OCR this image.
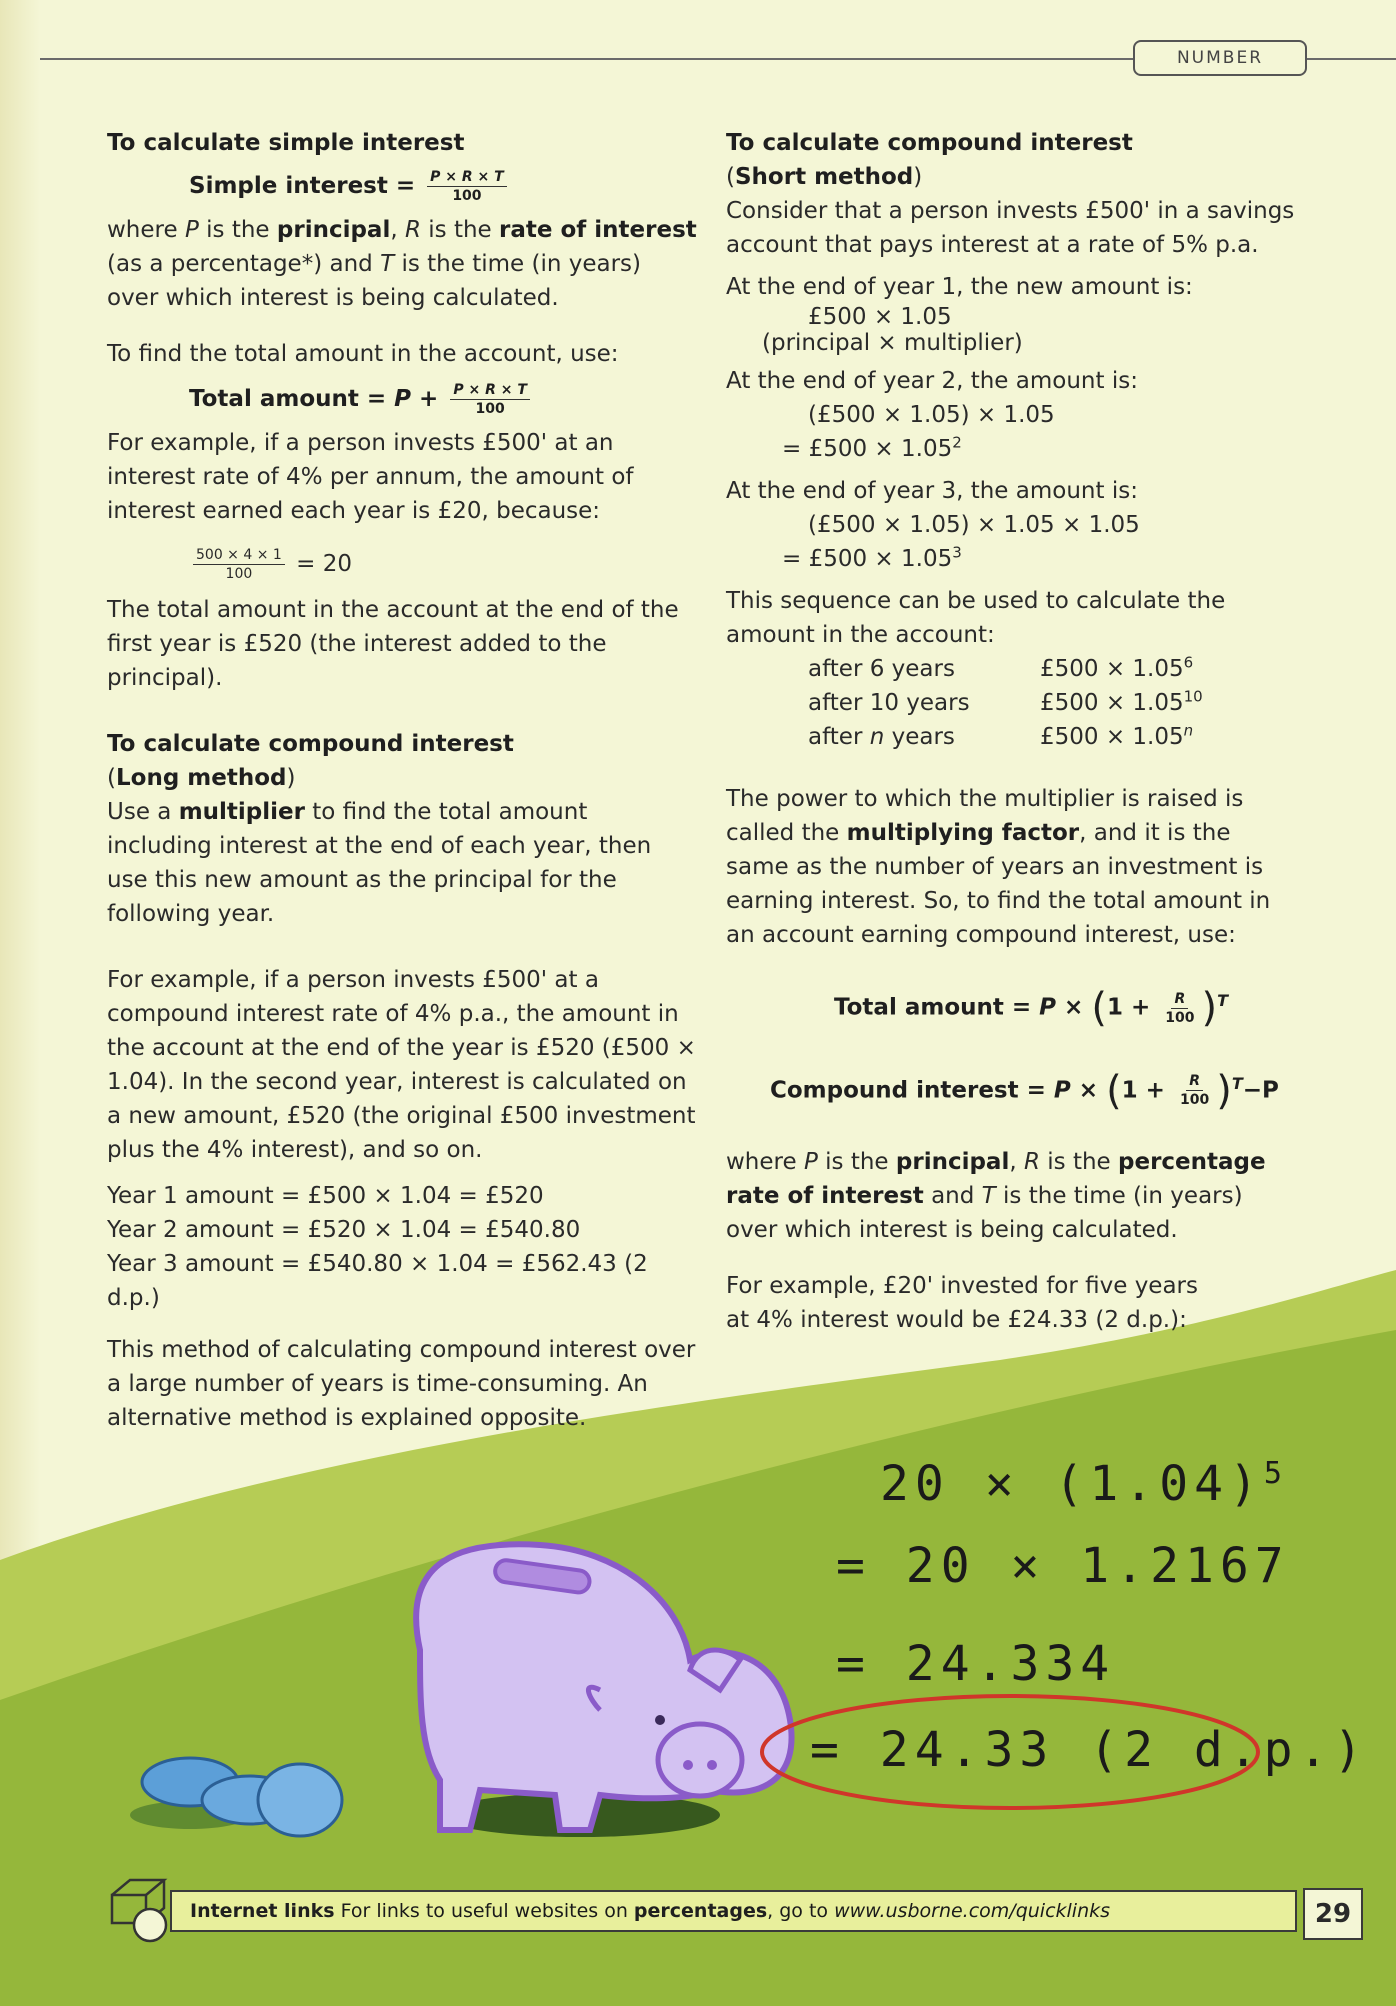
NUMBER

To calculate simple interest

Simple interest = $\frac{P \times R \times T}{100}$

where P is the principal, R is the rate of interest (as a percentage*) and T is the time (in years) over which interest is being calculated.

To find the total amount in the account, use:

Total amount = $P + \frac{P \times R \times T}{100}$

For example, if a person invests £500' at an interest rate of 4% per annum, the amount of interest earned each year is £20, because:

$\frac{500 \times 4 \times 1}{100} = 20$

The total amount in the account at the end of the first year is £520 (the interest added to the principal).

To calculate compound interest

(Long method)

Use a multiplier to find the total amount including interest at the end of each year, then use this new amount as the principal for the following year.

For example, if a person invests £500' at a compound interest rate of 4% p.a., the amount in the account at the end of the year is £520 (£500 × 1.04). In the second year, interest is calculated on a new amount, £520 (the original £500 investment plus the 4% interest), and so on.

Year 1 amount = £500 × 1.04 = £520

Year 2 amount = £520 × 1.04 = £540.80

Year 3 amount = £540.80 × 1.04 = £562.43 (2 d.p.)

This method of calculating compound interest over a large number of years is time-consuming. An alternative method is explained opposite.

To calculate compound interest

(Short method)

Consider that a person invests £500' in a savings account that pays interest at a rate of 5% p.a.

At the end of year 1, the new amount is:

£500 × 1.05

(principal × multiplier)

At the end of year 2, the amount is:

(£500 × 1.05) × 1.05

= £500 × $1.05^2$

At the end of year 3, the amount is:

(£500 × 1.05) × 1.05 × 1.05

= £500 × $1.05^3$

This sequence can be used to calculate the amount in the account:

after 6 years	£500 × $1.05^6$
after 10 years	£500 × $1.05^{10}$
after n years	£500 × $1.05^n$

The power to which the multiplier is raised is called the multiplying factor, and it is the same as the number of years an investment is earning interest. So, to find the total amount in an account earning compound interest, use:

Total amount = $P \times (1 + \frac{R}{100} )^T$

Compound interest = $P \times (1 + \frac{R}{100} )^T-P$

where P is the principal, R is the percentage rate of interest and T is the time (in years) over which interest is being calculated.

For example, £20' invested for five years at 4% interest would be £24.33 (2 d.p.):

$20 \times (1.04)^5$
= 20 × 1.2167
= 24.334
= 24.33 (2 d.p.)
Internet links For links to useful websites on percentages, go to www.usborne.com/quicklinks	29
